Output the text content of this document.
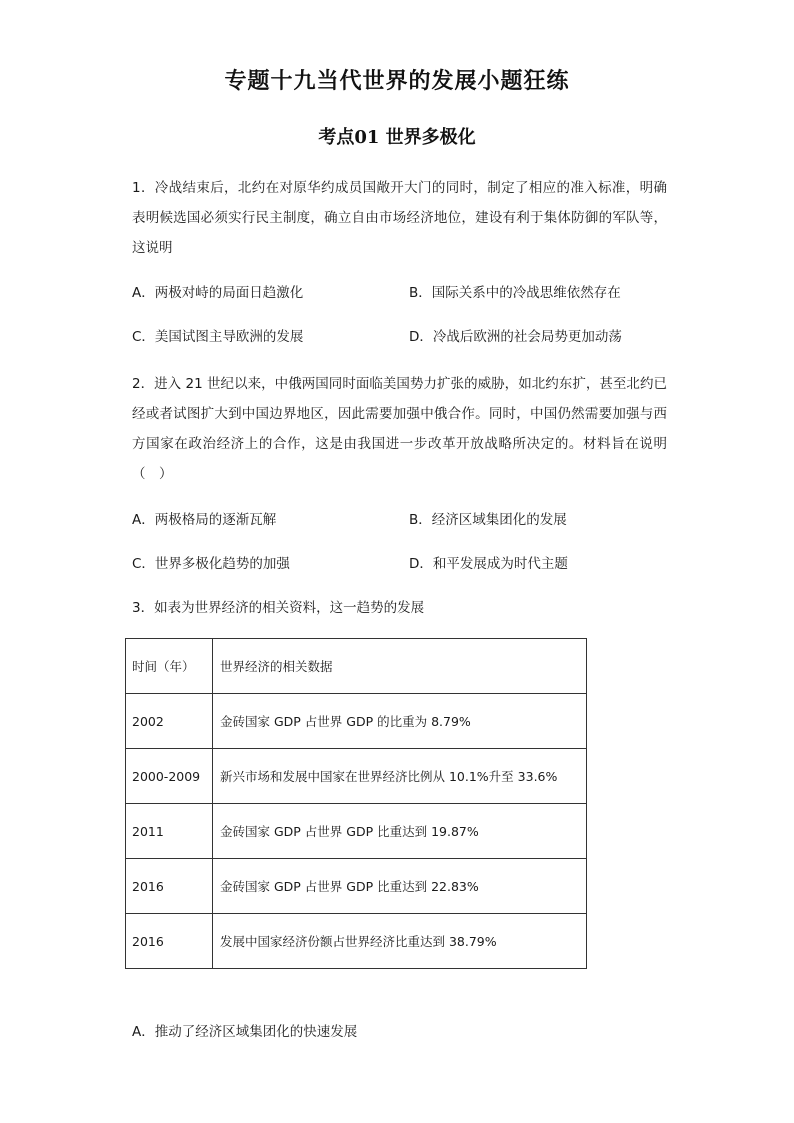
专题十九当代世界的发展小题狂练
考点01 世界多极化
1．冷战结束后，北约在对原华约成员国敞开大门的同时，制定了相应的准入标准，明确表明候选国必须实行民主制度，确立自由市场经济地位，建设有利于集体防御的军队等，这说明
A．两极对峙的局面日趋激化	B．国际关系中的冷战思维依然存在
C．美国试图主导欧洲的发展	D．冷战后欧洲的社会局势更加动荡
2．进入 21 世纪以来，中俄两国同时面临美国势力扩张的威胁，如北约东扩，甚至北约已经或者试图扩大到中国边界地区，因此需要加强中俄合作。同时，中国仍然需要加强与西方国家在政治经济上的合作，这是由我国进一步改革开放战略所决定的。材料旨在说明（　）
A．两极格局的逐渐瓦解	B．经济区域集团化的发展
C．世界多极化趋势的加强	D．和平发展成为时代主题
3．如表为世界经济的相关资料，这一趋势的发展
时间（年）	世界经济的相关数据
2002	金砖国家 GDP 占世界 GDP 的比重为 8.79%
2000-2009	新兴市场和发展中国家在世界经济比例从 10.1%升至 33.6%
2011	金砖国家 GDP 占世界 GDP 比重达到 19.87%
2016	金砖国家 GDP 占世界 GDP 比重达到 22.83%
2016	发展中国家经济份额占世界经济比重达到 38.79%
A．推动了经济区域集团化的快速发展
